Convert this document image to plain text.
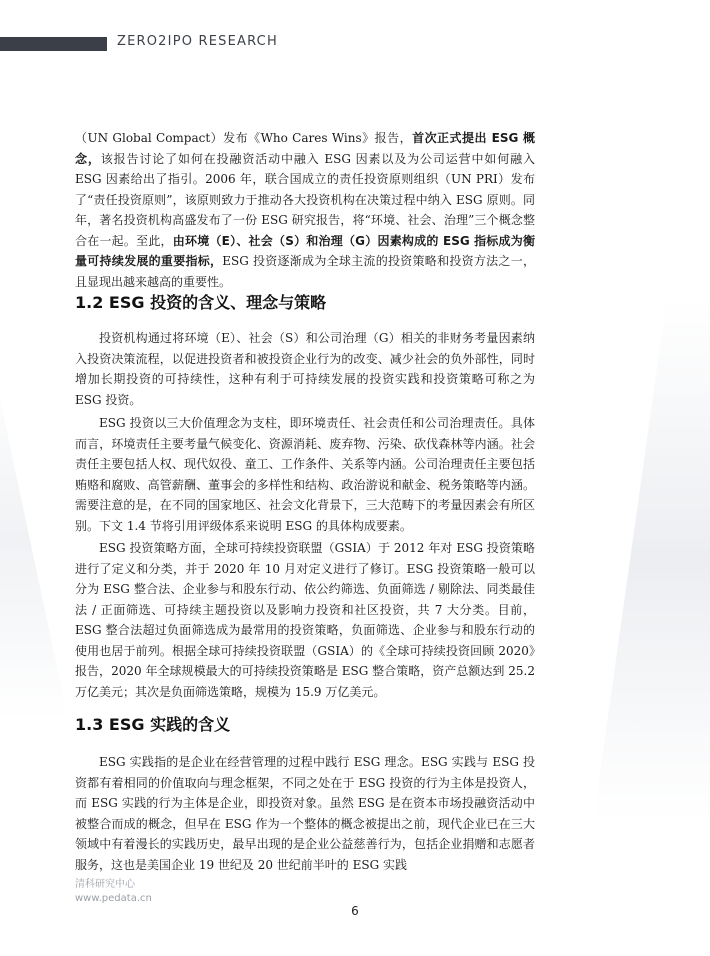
ZERO2IPO RESEARCH

（UN Global Compact）发布《Who Cares Wins》报告，首次正式提出 ESG 概念，该报告讨论了如何在投融资活动中融入 ESG 因素以及为公司运营中如何融入 ESG 因素给出了指引。2006 年，联合国成立的责任投资原则组织（UN PRI）发布了“责任投资原则”，该原则致力于推动各大投资机构在决策过程中纳入 ESG 原则。同年，著名投资机构高盛发布了一份 ESG 研究报告，将“环境、社会、治理”三个概念整合在一起。至此，由环境（E）、社会（S）和治理（G）因素构成的 ESG 指标成为衡量可持续发展的重要指标，ESG 投资逐渐成为全球主流的投资策略和投资方法之一，且显现出越来越高的重要性。

1.2 ESG 投资的含义、理念与策略

投资机构通过将环境（E）、社会（S）和公司治理（G）相关的非财务考量因素纳入投资决策流程，以促进投资者和被投资企业行为的改变、减少社会的负外部性，同时增加长期投资的可持续性，这种有利于可持续发展的投资实践和投资策略可称之为 ESG 投资。

ESG 投资以三大价值理念为支柱，即环境责任、社会责任和公司治理责任。具体而言，环境责任主要考量气候变化、资源消耗、废弃物、污染、砍伐森林等内涵。社会责任主要包括人权、现代奴役、童工、工作条件、关系等内涵。公司治理责任主要包括贿赂和腐败、高管薪酬、董事会的多样性和结构、政治游说和献金、税务策略等内涵。需要注意的是，在不同的国家地区、社会文化背景下，三大范畴下的考量因素会有所区别。下文 1.4 节将引用评级体系来说明 ESG 的具体构成要素。

ESG 投资策略方面，全球可持续投资联盟（GSIA）于 2012 年对 ESG 投资策略进行了定义和分类，并于 2020 年 10 月对定义进行了修订。ESG 投资策略一般可以分为 ESG 整合法、企业参与和股东行动、依公约筛选、负面筛选 / 剔除法、同类最佳法 / 正面筛选、可持续主题投资以及影响力投资和社区投资，共 7 大分类。目前，ESG 整合法超过负面筛选成为最常用的投资策略，负面筛选、企业参与和股东行动的使用也居于前列。根据全球可持续投资联盟（GSIA）的《全球可持续投资回顾 2020》报告，2020 年全球规模最大的可持续投资策略是 ESG 整合策略，资产总额达到 25.2 万亿美元；其次是负面筛选策略，规模为 15.9 万亿美元。

1.3 ESG 实践的含义

ESG 实践指的是企业在经营管理的过程中践行 ESG 理念。ESG 实践与 ESG 投资都有着相同的价值取向与理念框架，不同之处在于 ESG 投资的行为主体是投资人，而 ESG 实践的行为主体是企业，即投资对象。虽然 ESG 是在资本市场投融资活动中被整合而成的概念，但早在 ESG 作为一个整体的概念被提出之前，现代企业已在三大领域中有着漫长的实践历史，最早出现的是企业公益慈善行为，包括企业捐赠和志愿者服务，这也是美国企业 19 世纪及 20 世纪前半叶的 ESG 实践

清科研究中心
www.pedata.cn
6
